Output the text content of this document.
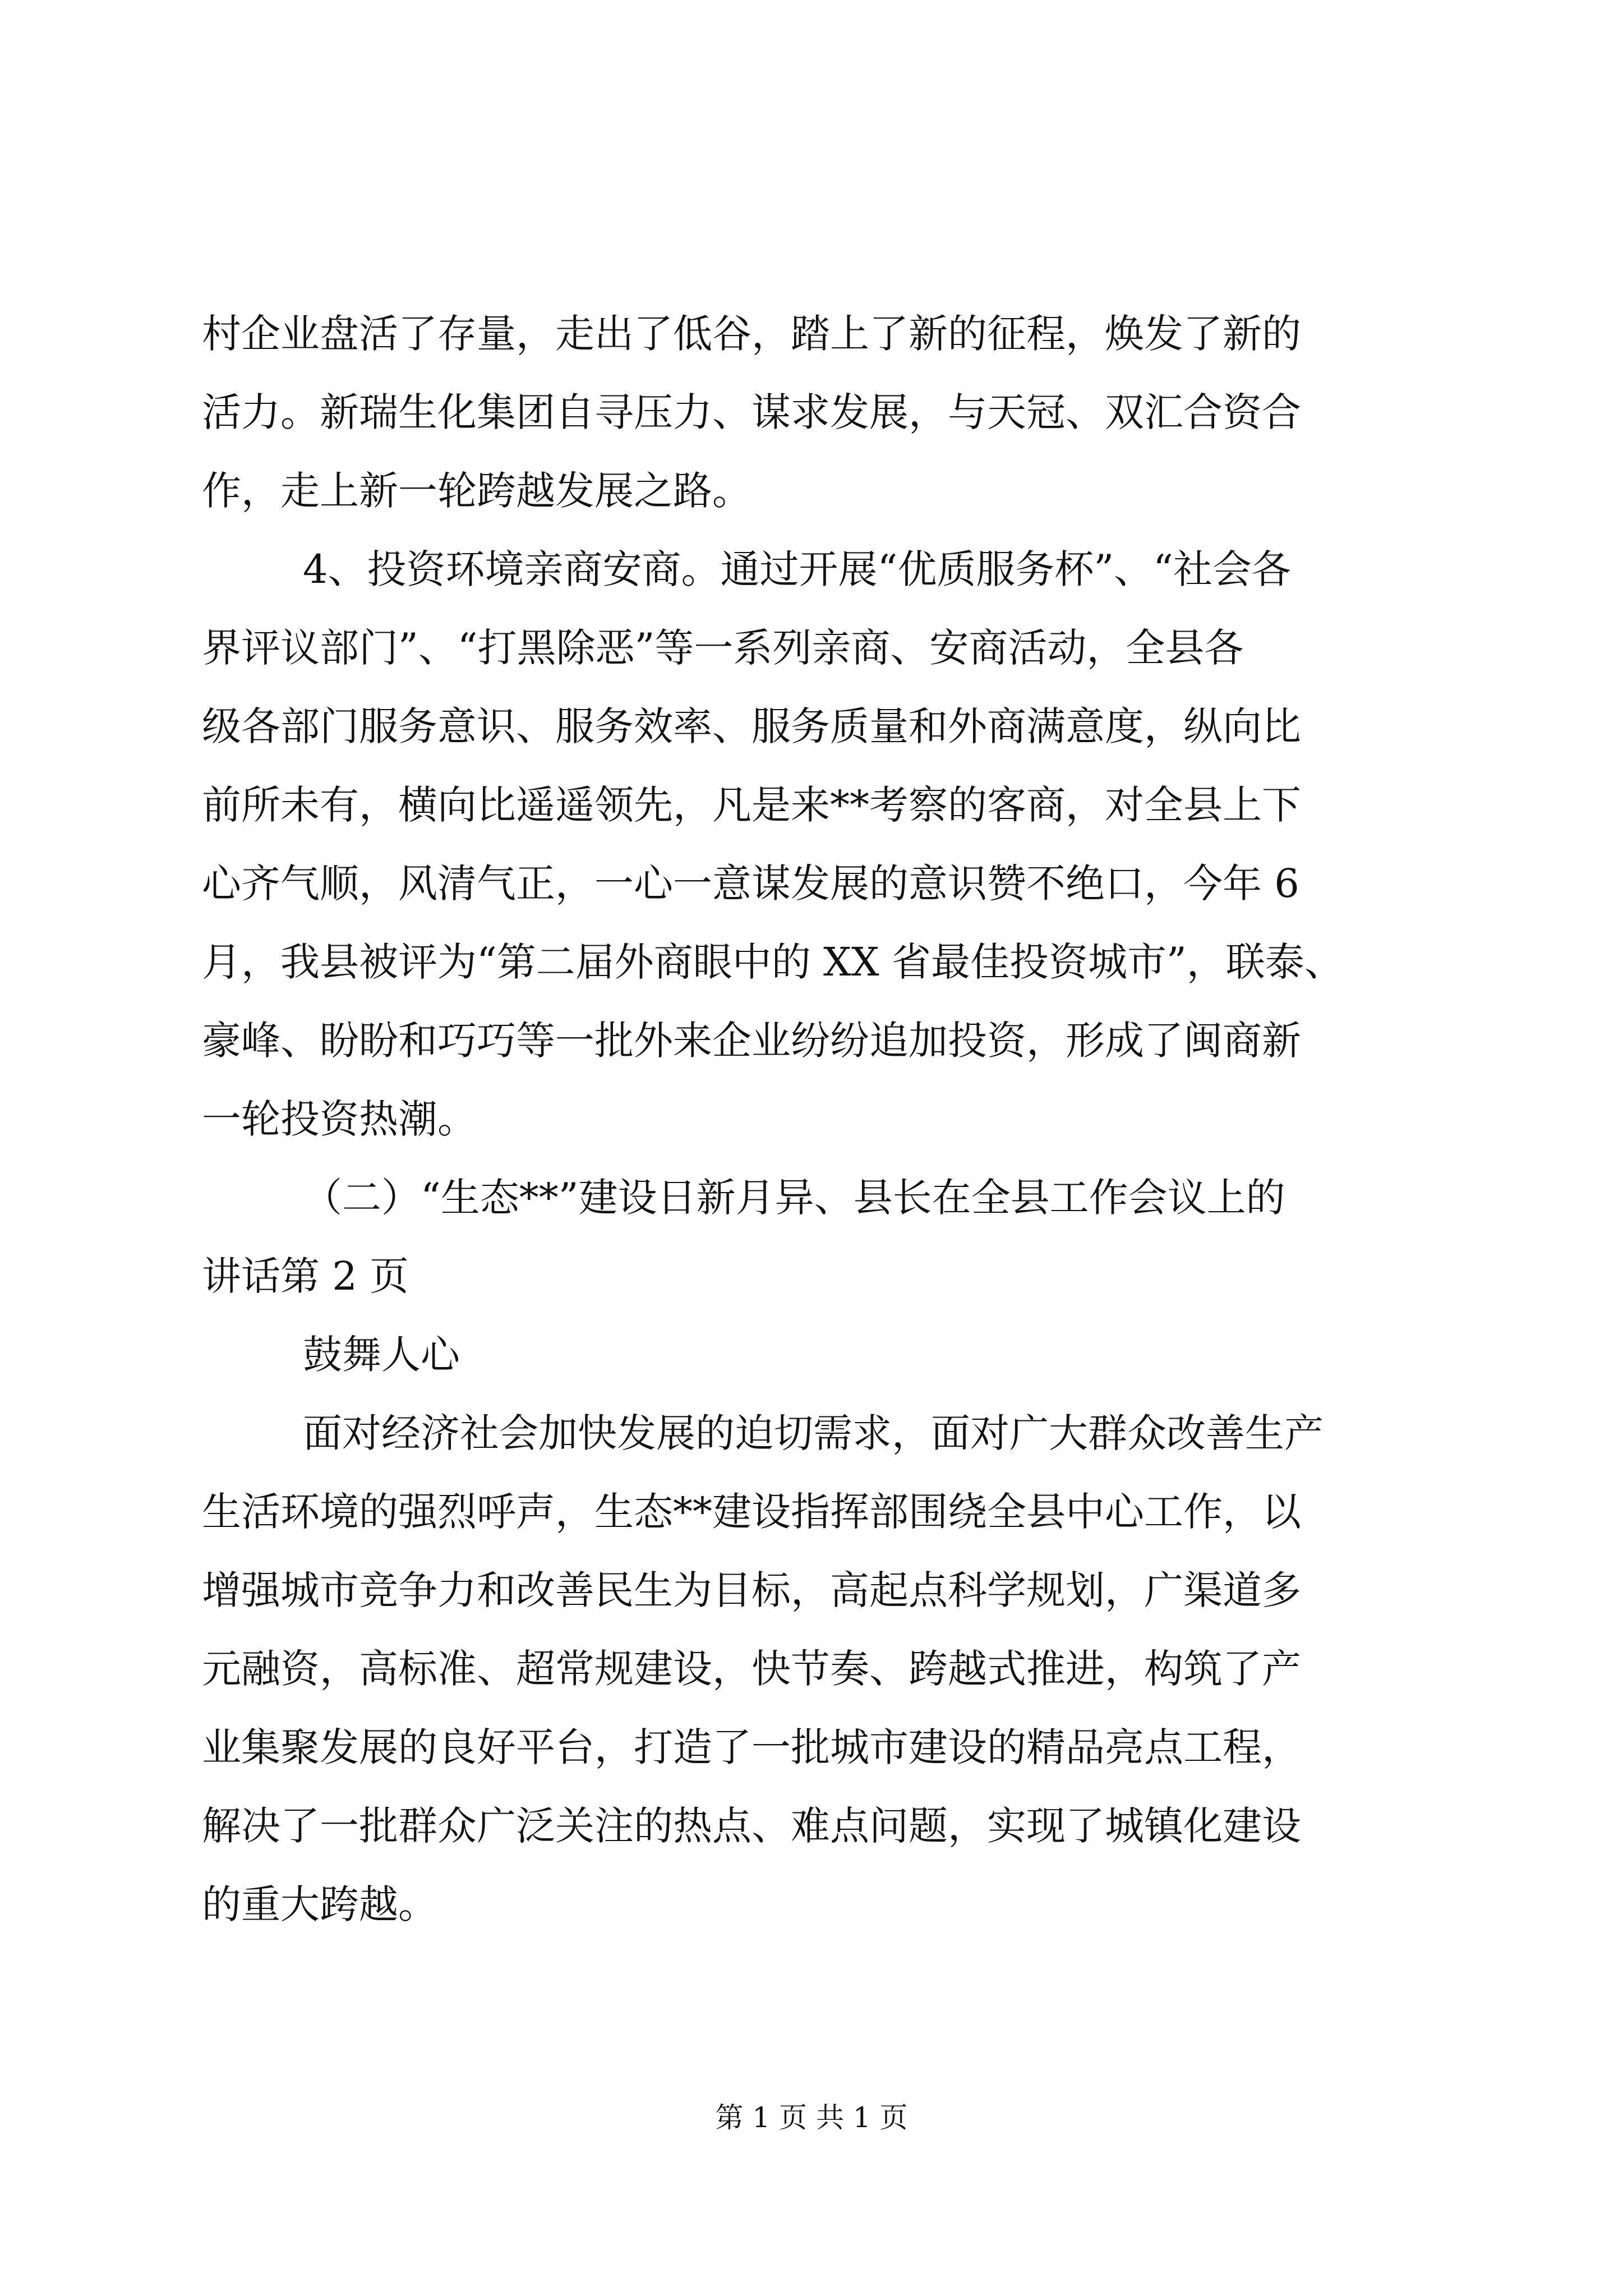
村企业盘活了存量，走出了低谷，踏上了新的征程，焕发了新的
活力。新瑞生化集团自寻压力、谋求发展，与天冠、双汇合资合
作，走上新一轮跨越发展之路。
4、投资环境亲商安商。通过开展“优质服务杯”、“社会各
界评议部门”、“打黑除恶”等一系列亲商、安商活动，全县各
级各部门服务意识、服务效率、服务质量和外商满意度，纵向比
前所未有，横向比遥遥领先，凡是来**考察的客商，对全县上下
心齐气顺，风清气正，一心一意谋发展的意识赞不绝口，今年 6
月，我县被评为“第二届外商眼中的 XX 省最佳投资城市”，联泰、
豪峰、盼盼和巧巧等一批外来企业纷纷追加投资，形成了闽商新
一轮投资热潮。
（二）“生态**”建设日新月异、县长在全县工作会议上的
讲话第 2 页
鼓舞人心
面对经济社会加快发展的迫切需求，面对广大群众改善生产
生活环境的强烈呼声，生态**建设指挥部围绕全县中心工作，以
增强城市竞争力和改善民生为目标，高起点科学规划，广渠道多
元融资，高标准、超常规建设，快节奏、跨越式推进，构筑了产
业集聚发展的良好平台，打造了一批城市建设的精品亮点工程，
解决了一批群众广泛关注的热点、难点问题，实现了城镇化建设
的重大跨越。
第 1 页 共 1 页
